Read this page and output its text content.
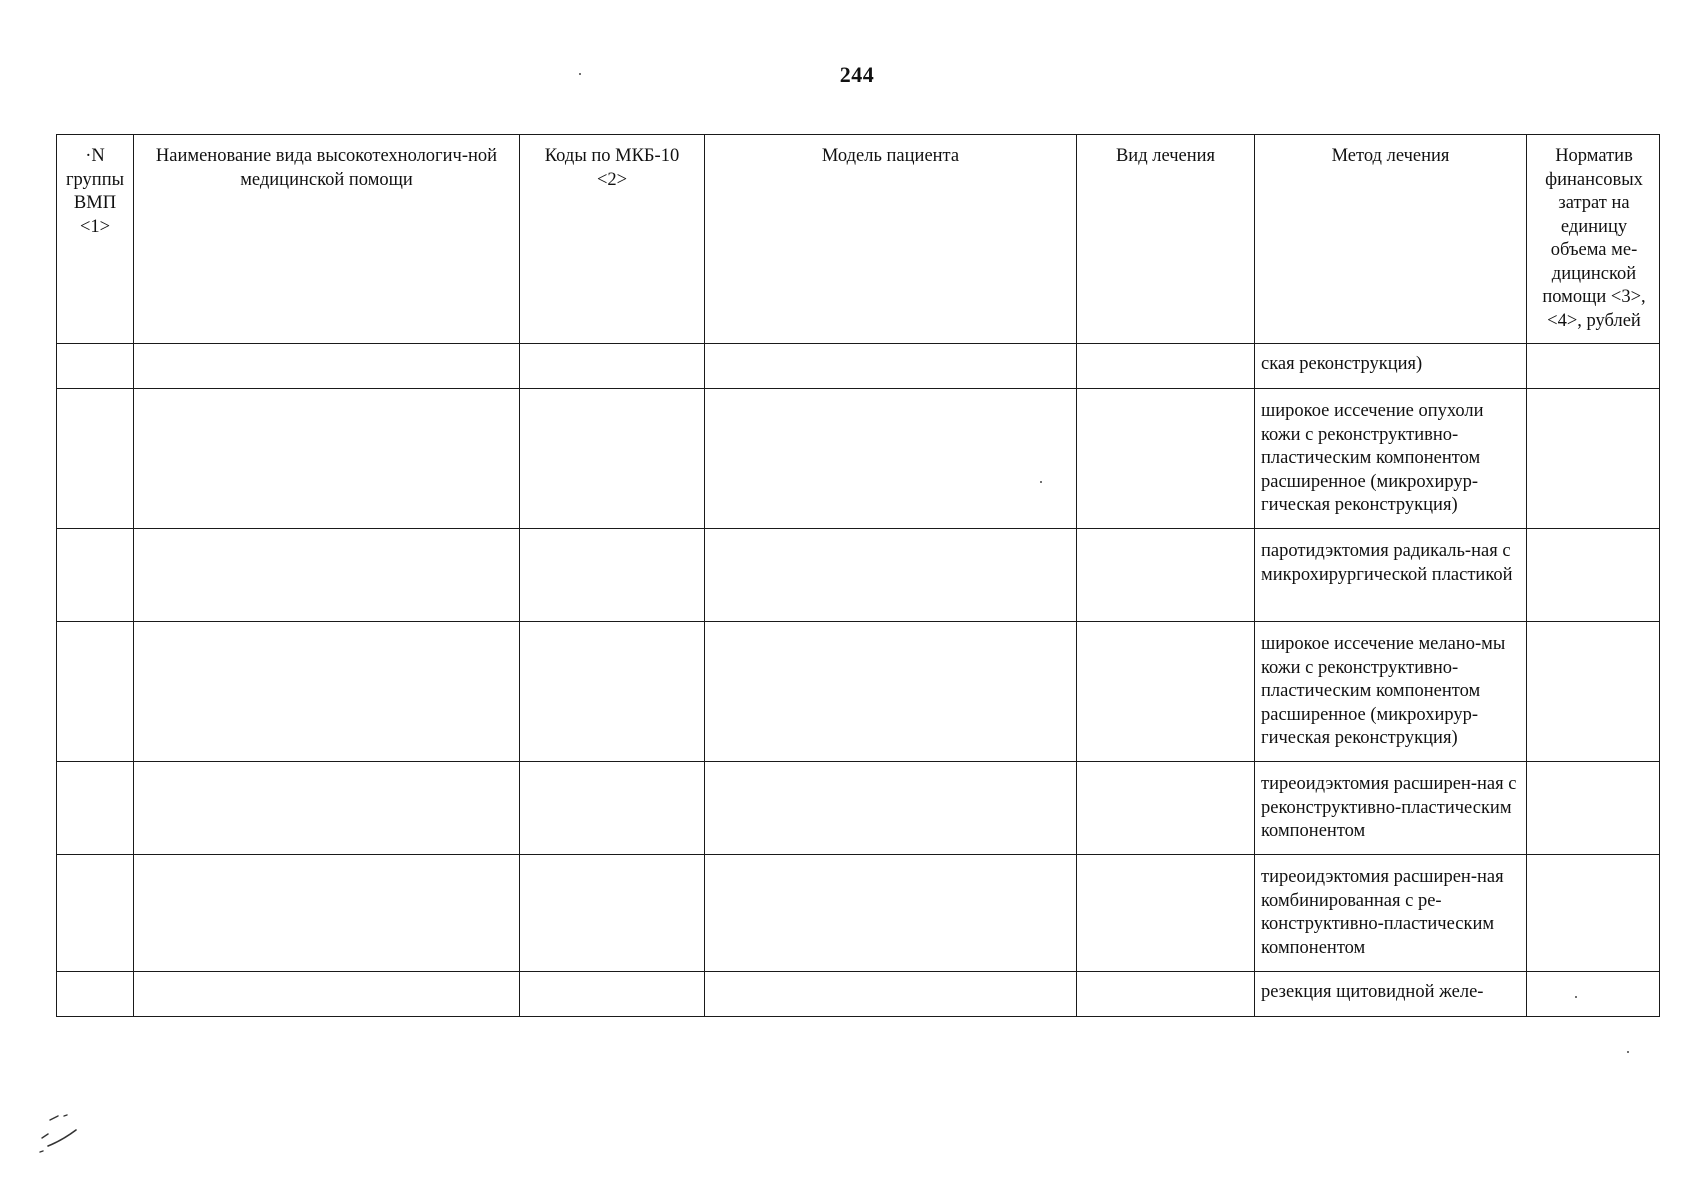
244
·N группы ВМП <1>	Наименование вида высокотехнологич-ной медицинской помощи	Коды по МКБ-10 <2>	Модель пациента	Вид лечения	Метод лечения	Норматив финансовых затрат на единицу объема ме-дицинской помощи <3>, <4>, рублей
					ская реконструкция)	
					широкое иссечение опухоли кожи с реконструктивно-пластическим компонентом расширенное (микрохирур-гическая реконструкция)	
					паротидэктомия радикаль-ная с микрохирургической пластикой	
					широкое иссечение мелано-мы кожи с реконструктивно-пластическим компонентом расширенное (микрохирур-гическая реконструкция)	
					тиреоидэктомия расширен-ная с реконструктивно-пластическим компонентом	
					тиреоидэктомия расширен-ная комбинированная с ре-конструктивно-пластическим компонентом	
					резекция щитовидной желе-	
